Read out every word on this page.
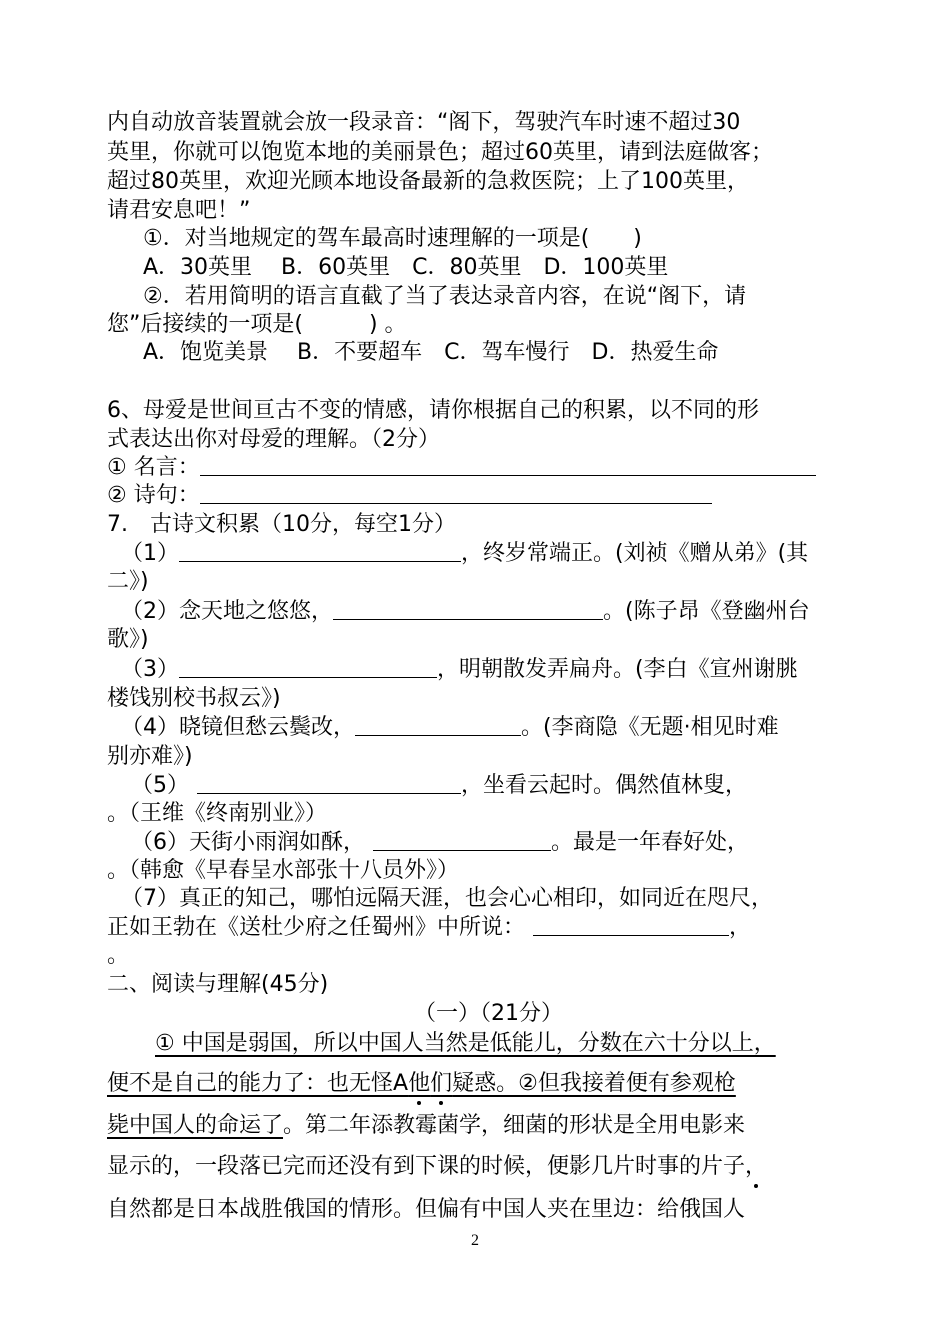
内自动放音装置就会放一段录音：“阁下，驾驶汽车时速不超过30
英里，你就可以饱览本地的美丽景色；超过60英里，请到法庭做客；
超过80英里，欢迎光顾本地设备最新的急救医院；上了100英里，
请君安息吧！”
①．对当地规定的驾车最高时速理解的一项是(　　)
A．30英里　 B．60英里　C．80英里　D．100英里
②．若用简明的语言直截了当了表达录音内容，在说“阁下，请
您”后接续的一项是(　　　) 。
A．饱览美景　 B．不要超车　C．驾车慢行　D．热爱生命
6、母爱是世间亘古不变的情感，请你根据自己的积累，以不同的形
式表达出你对母爱的理解。（2分）
① 名言：
② 诗句：
7.　古诗文积累（10分，每空1分）
（1）	，终岁常端正。(刘祯《赠从弟》(其
二》)
（2）念天地之悠悠，	。(陈子昂《登幽州台
歌》)
（3）	，明朝散发弄扁舟。(李白《宣州谢朓
楼饯别校书叔云》)
（4）晓镜但愁云鬓改，	。(李商隐《无题·相见时难
别亦难》)
（5）	，坐看云起时。偶然值林叟，
。（王维《终南别业》）
（6）天街小雨润如酥，	。最是一年春好处，
。（韩愈《早春呈水部张十八员外》）
（7）真正的知己，哪怕远隔天涯，也会心心相印，如同近在咫尺，
正如王勃在《送杜少府之任蜀州》中所说：	，
。
二、阅读与理解(45分)
（一）（21分）
① 中国是弱国，所以中国人当然是低能儿，分数在六十分以上，
便不是自己的能力了：也无怪A他们疑惑。②但我接着便有参观枪
毙中国人的命运了。第二年添教霉菌学，细菌的形状是全用电影来
显示的，一段落已完而还没有到下课的时候，便影几片时事的片子，
自然都是日本战胜俄国的情形。但偏有中国人夹在里边：给俄国人
2
